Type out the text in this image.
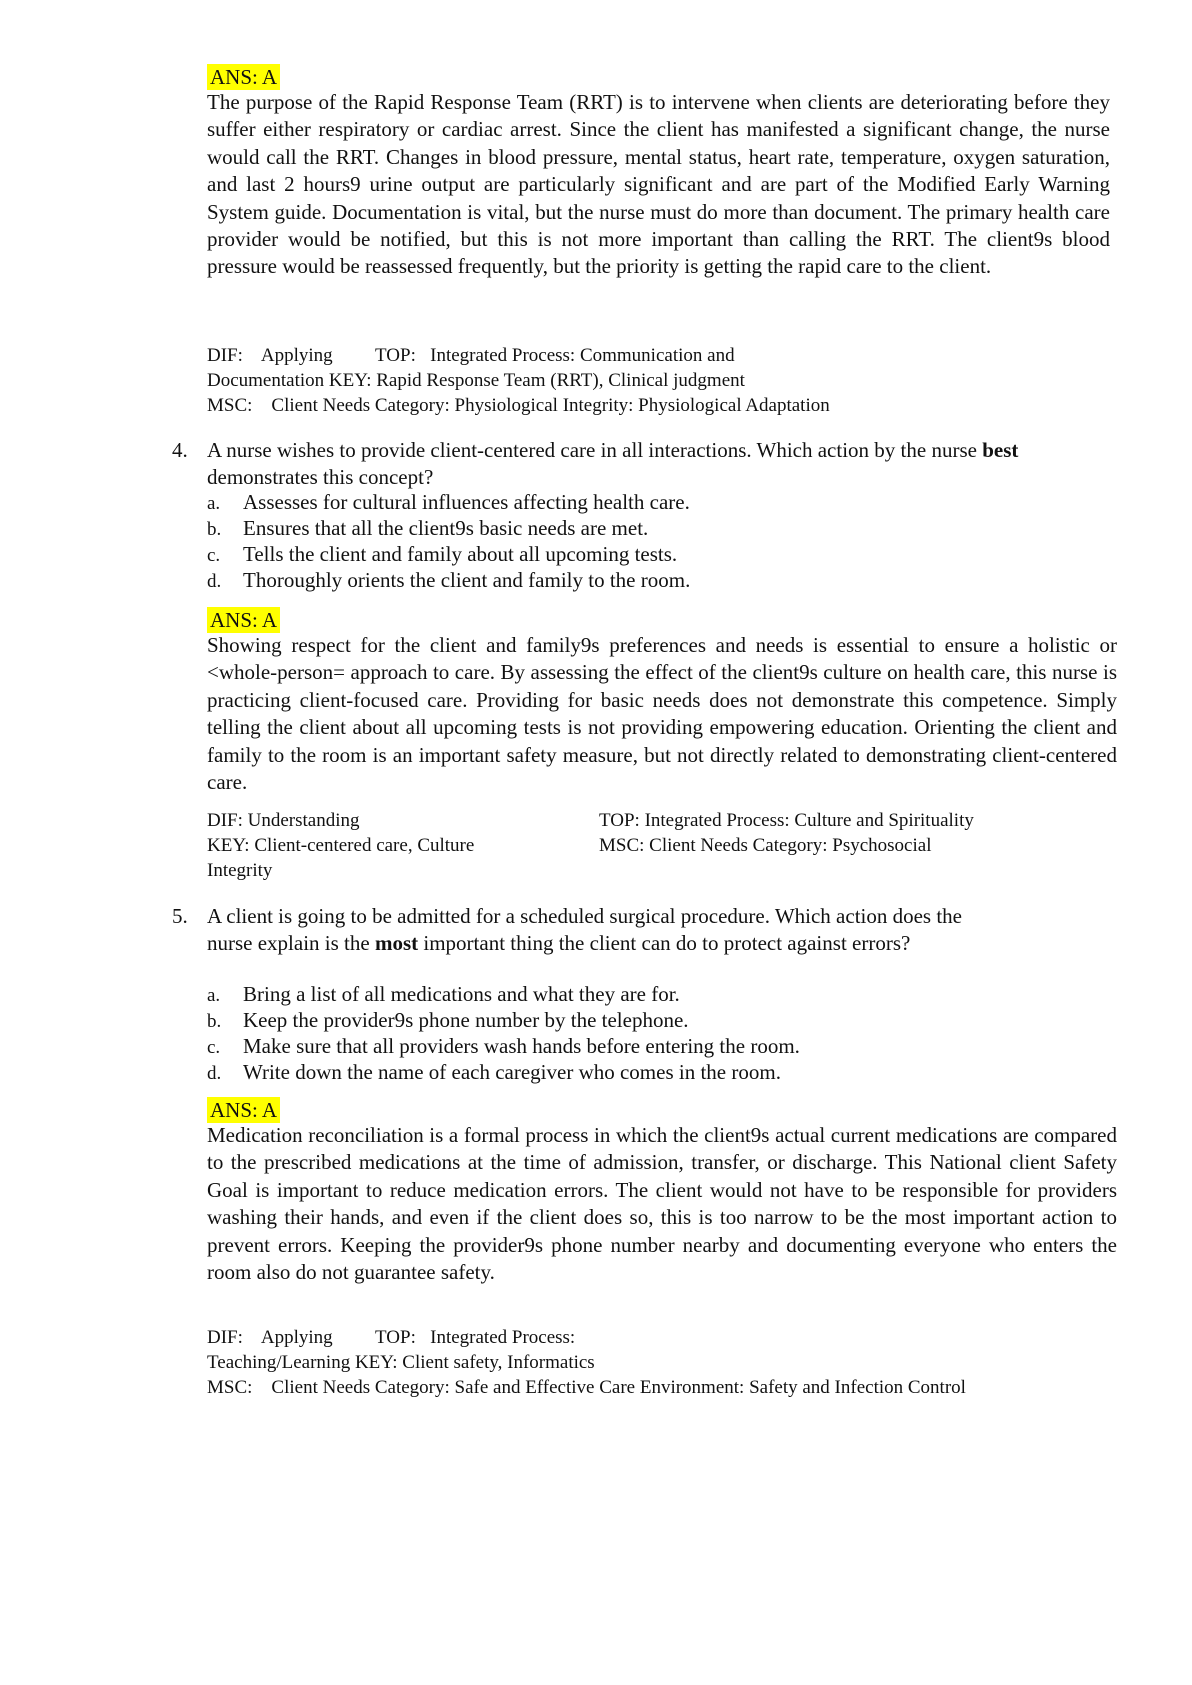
ANS: A
The purpose of the Rapid Response Team (RRT) is to intervene when clients are deteriorating before they suffer either respiratory or cardiac arrest. Since the client has manifested a significant change, the nurse would call the RRT. Changes in blood pressure, mental status, heart rate, temperature, oxygen saturation, and last 2 hours9 urine output are particularly significant and are part of the Modified Early Warning System guide. Documentation is vital, but the nurse must do more than document. The primary health care provider would be notified, but this is not more important than calling the RRT. The client9s blood pressure would be reassessed frequently, but the priority is getting the rapid care to the client.
DIF:    Applying         TOP:   Integrated Process: Communication and
Documentation KEY: Rapid Response Team (RRT), Clinical judgment
MSC:    Client Needs Category: Physiological Integrity: Physiological Adaptation
4. A nurse wishes to provide client-centered care in all interactions. Which action by the nurse best demonstrates this concept?
a. Assesses for cultural influences affecting health care.
b. Ensures that all the client9s basic needs are met.
c. Tells the client and family about all upcoming tests.
d. Thoroughly orients the client and family to the room.
ANS: A
Showing respect for the client and family9s preferences and needs is essential to ensure a holistic or <whole-person= approach to care. By assessing the effect of the client9s culture on health care, this nurse is practicing client-focused care. Providing for basic needs does not demonstrate this competence. Simply telling the client about all upcoming tests is not providing empowering education. Orienting the client and family to the room is an important safety measure, but not directly related to demonstrating client-centered care.
DIF: Understanding	TOP: Integrated Process: Culture and Spirituality
KEY: Client-centered care, Culture	MSC: Client Needs Category: Psychosocial
Integrity
5. A client is going to be admitted for a scheduled surgical procedure. Which action does the nurse explain is the most important thing the client can do to protect against errors?
a. Bring a list of all medications and what they are for.
b. Keep the provider9s phone number by the telephone.
c. Make sure that all providers wash hands before entering the room.
d. Write down the name of each caregiver who comes in the room.
ANS: A
Medication reconciliation is a formal process in which the client9s actual current medications are compared to the prescribed medications at the time of admission, transfer, or discharge. This National client Safety Goal is important to reduce medication errors. The client would not have to be responsible for providers washing their hands, and even if the client does so, this is too narrow to be the most important action to prevent errors. Keeping the provider9s phone number nearby and documenting everyone who enters the room also do not guarantee safety.
DIF:    Applying         TOP:   Integrated Process:
Teaching/Learning KEY: Client safety, Informatics
MSC:    Client Needs Category: Safe and Effective Care Environment: Safety and Infection Control
